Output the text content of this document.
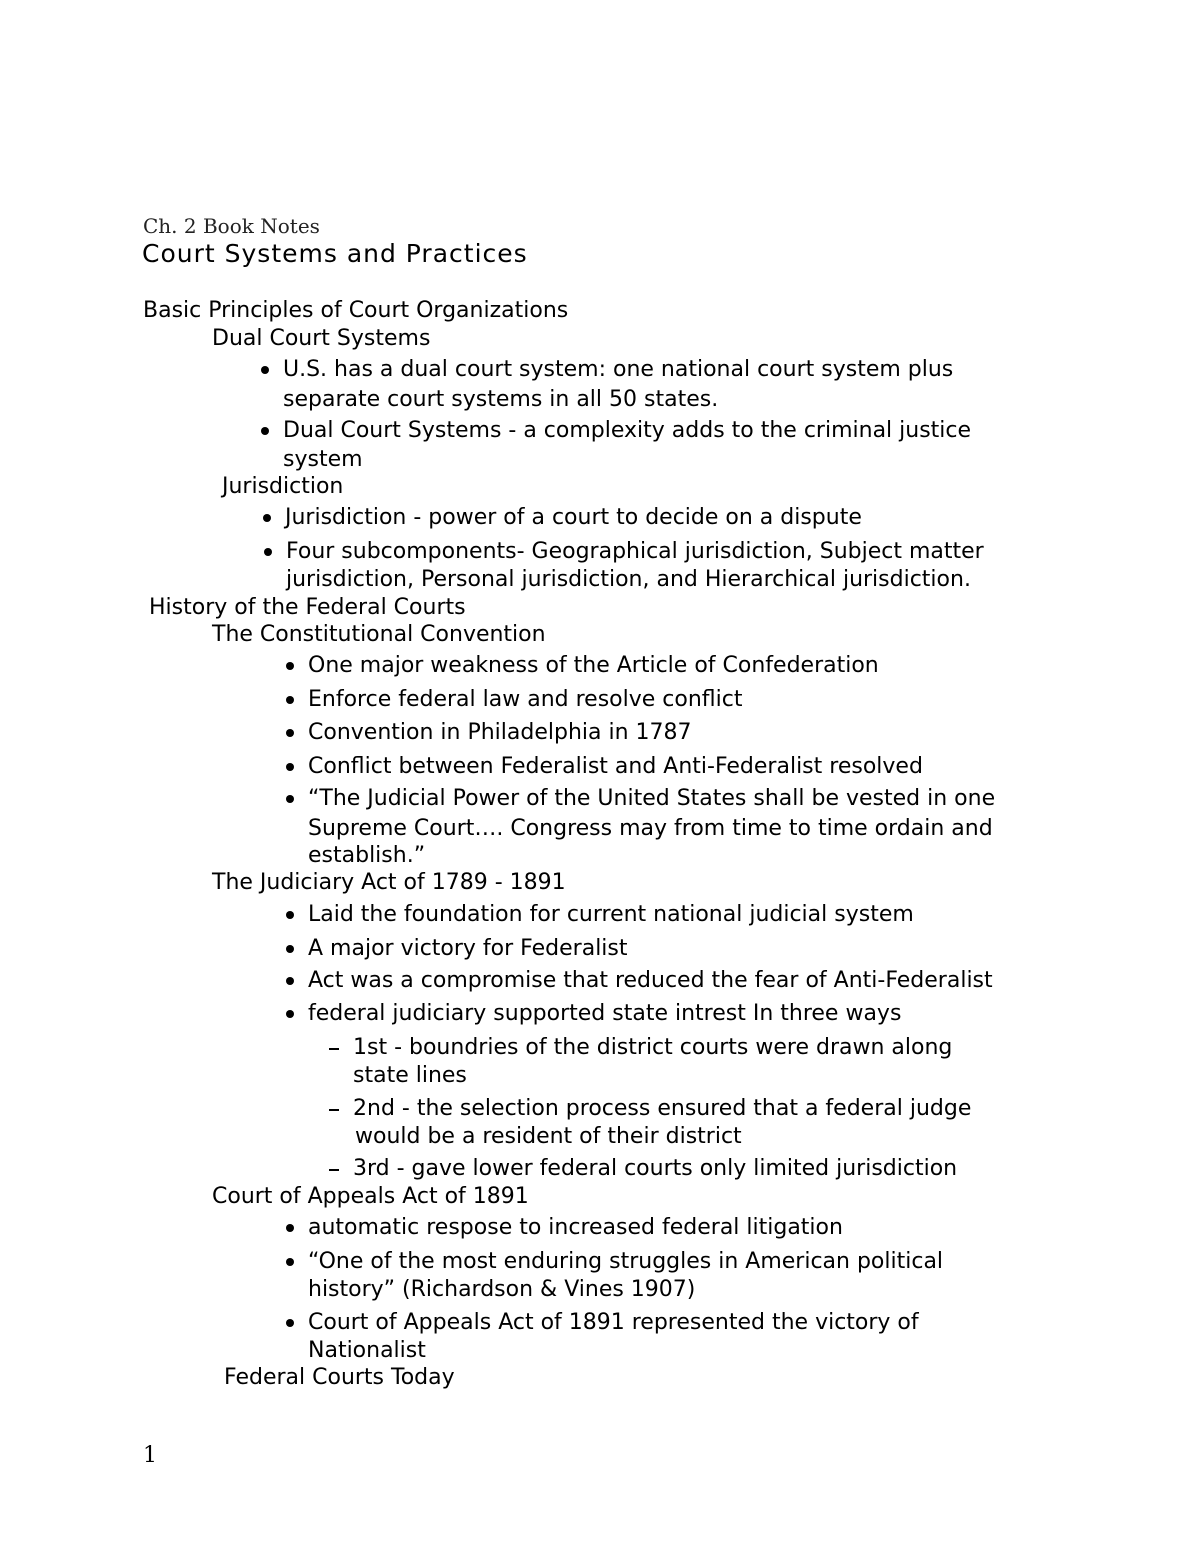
Ch. 2 Book Notes
Court Systems and Practices
Basic Principles of Court Organizations
Dual Court Systems
U.S. has a dual court system: one national court system plus
separate court systems in all 50 states.
Dual Court Systems - a complexity adds to the criminal justice
system
Jurisdiction
Jurisdiction - power of a court to decide on a dispute
Four subcomponents- Geographical jurisdiction, Subject matter
jurisdiction, Personal jurisdiction, and Hierarchical jurisdiction.
History of the Federal Courts
The Constitutional Convention
One major weakness of the Article of Confederation
Enforce federal law and resolve conflict
Convention in Philadelphia in 1787
Conflict between Federalist and Anti-Federalist resolved
“The Judicial Power of the United States shall be vested in one
Supreme Court…. Congress may from time to time ordain and
establish.”
The Judiciary Act of 1789 - 1891
Laid the foundation for current national judicial system
A major victory for Federalist
Act was a compromise that reduced the fear of Anti-Federalist
federal judiciary supported state intrest In three ways
1st - boundries of the district courts were drawn along
state lines
2nd - the selection process ensured that a federal judge
would be a resident of their district
3rd - gave lower federal courts only limited jurisdiction
Court of Appeals Act of 1891
automatic respose to increased federal litigation
“One of the most enduring struggles in American political
history” (Richardson & Vines 1907)
Court of Appeals Act of 1891 represented the victory of
Nationalist
Federal Courts Today
1
